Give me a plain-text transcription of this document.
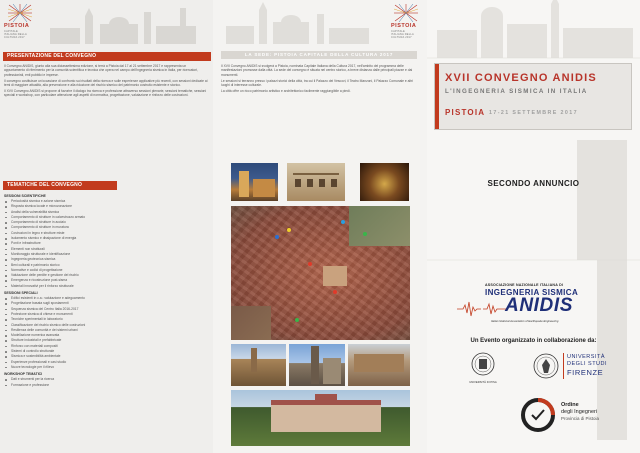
PISTOIA
CAPITALE
ITALIANA DELLA
CULTURA 2017
PRESENTAZIONE DEL CONVEGNO

Il Convegno ANIDIS, giunto alla sua diciassettesima edizione, si terrà a Pistoia dal 17 al 21 settembre 2017 e rappresenta un appuntamento di riferimento per la comunità scientifica e tecnica che opera nel campo dell'ingegneria sismica in Italia, per ricercatori, professionisti, enti pubblici e imprese.

Il convegno costituisce un'occasione di confronto sui risultati della ricerca e sulle esperienze applicative più recenti, con sessioni dedicate ai temi di maggiore attualità, alla prevenzione e alla riduzione del rischio sismico del patrimonio costruito esistente e storico.

Il XVII Convegno ANIDIS si propone di favorire il dialogo tra ricerca e professione attraverso sessioni plenarie, sessioni tematiche, sessioni speciali e workshop, con particolare attenzione agli aspetti di normativa, progettazione, valutazione e rinforzo delle costruzioni.

TEMATICHE DEL CONVEGNO
SESSIONI SCIENTIFICHE
Pericolosità sismica e azione sismica
Risposta sismica locale e microzonazione
Analisi della vulnerabilità sismica
Comportamento di strutture in calcestruzzo armato
Comportamento di strutture in acciaio
Comportamento di strutture in muratura
Costruzioni in legno e strutture miste
Isolamento sismico e dissipazione di energia
Ponti e infrastrutture
Elementi non strutturali
Monitoraggio strutturale e identificazione
Ingegneria geotecnica sismica
Beni culturali e patrimonio storico
Normative e codici di progettazione
Valutazione delle perdite e gestione del rischio
Emergenza e ricostruzione post-sisma
Materiali innovativi per il rinforzo strutturale
SESSIONI SPECIALI
Edifici esistenti in c.a.: valutazione e adeguamento
Progettazione basata sugli spostamenti
Sequenza sismica del Centro Italia 2016-2017
Protezione sismica di chiese e monumenti
Tecniche sperimentali in laboratorio
Classificazione del rischio sismico delle costruzioni
Resilienza delle comunità e dei sistemi urbani
Modellazione numerica avanzata
Strutture industriali e prefabbricate
Rinforzo con materiali compositi
Sistemi di controllo strutturale
Sismica e sostenibilità ambientale
Esperienze professionali e casi studio
Nuove tecnologie per il rilievo
WORKSHOP TEMATICI
Dati e strumenti per la ricerca
Formazione e professione
PISTOIA
CAPITALE
ITALIANA DELLA
CULTURA 2017
LA SEDE: PISTOIA CAPITALE DELLA CULTURA 2017

Il XVII Convegno ANIDIS si svolgerà a Pistoia, nominata Capitale Italiana della Cultura 2017, nell'ambito del programma delle manifestazioni promosse dalla città. La sede del convegno è situata nel centro storico, a breve distanza dalle principali piazze e dai monumenti.

Le sessioni si terranno presso i palazzi storici della città, tra cui il Palazzo dei Vescovi, il Teatro Manzoni, il Palazzo Comunale e altri luoghi di interesse culturale.

La città offre un ricco patrimonio artistico e architettonico facilmente raggiungibile a piedi.

XVII CONVEGNO ANIDIS
L'INGEGNERIA SISMICA IN ITALIA
PISTOIA 17-21 SETTEMBRE 2017
SECONDO ANNUNCIO
ASSOCIAZIONE NAZIONALE ITALIANA DI
INGEGNERIA SISMICA
ANIDIS
Italian National Association of Earthquake Engineering
Un Evento organizzato in collaborazione da:
UNIVERSITÀ DI PISA
UNIVERSITÀ
DEGLI STUDI
FIRENZE
Ordine
degli Ingegneri
Provincia di Pistoia
